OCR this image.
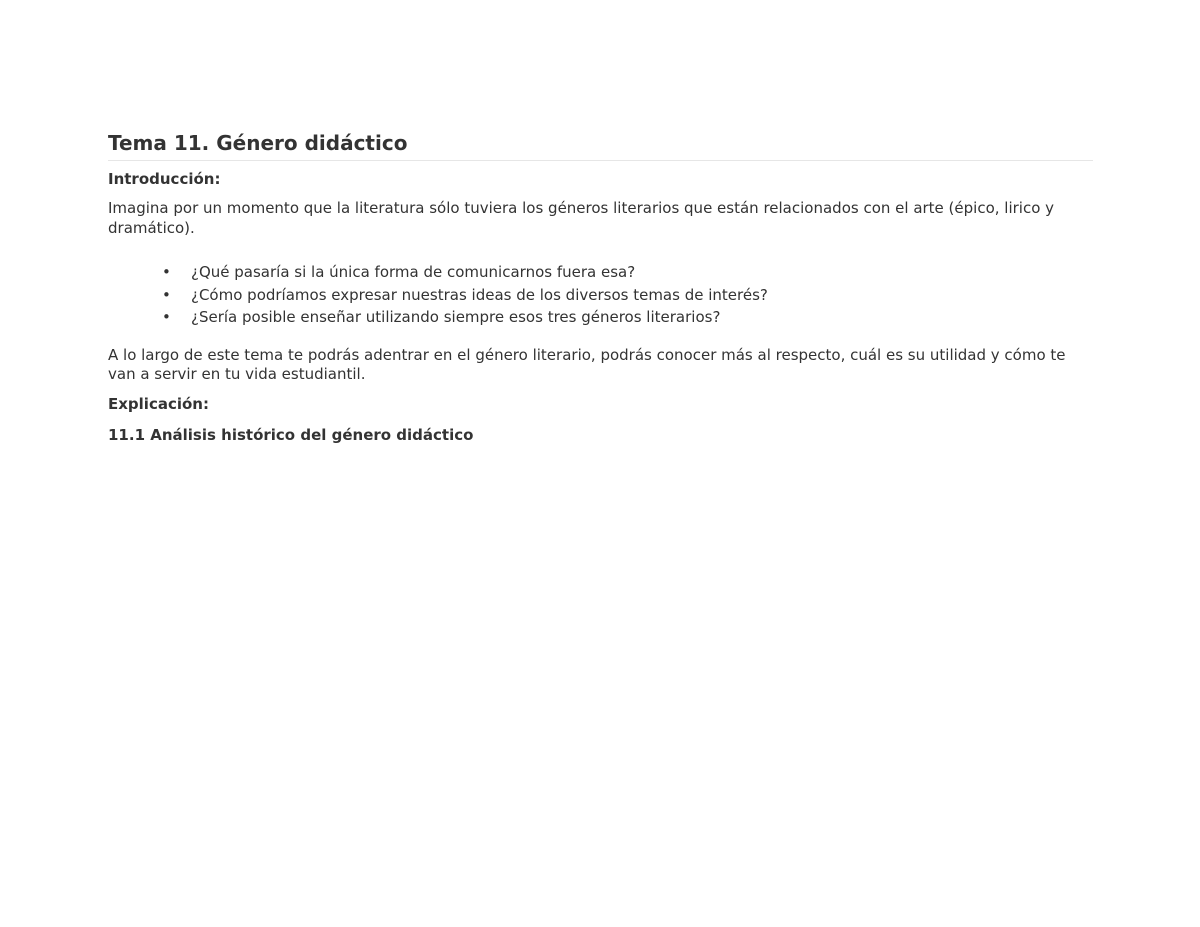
Tema 11. Género didáctico
Introducción:

Imagina por un momento que la literatura sólo tuviera los géneros literarios que están relacionados con el arte (épico, lirico y dramático).

• ¿Qué pasaría si la única forma de comunicarnos fuera esa?
• ¿Cómo podríamos expresar nuestras ideas de los diversos temas de interés?
• ¿Sería posible enseñar utilizando siempre esos tres géneros literarios?

A lo largo de este tema te podrás adentrar en el género literario, podrás conocer más al respecto, cuál es su utilidad y cómo te van a servir en tu vida estudiantil.

Explicación:
11.1 Análisis histórico del género didáctico
